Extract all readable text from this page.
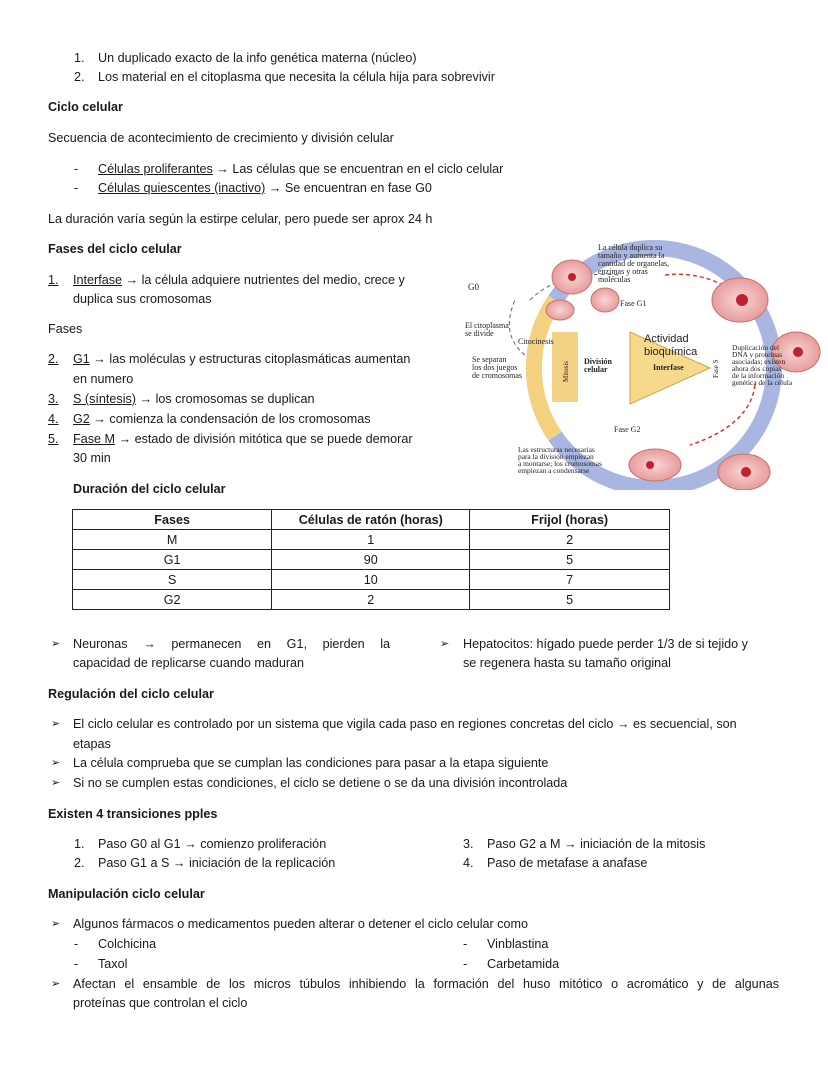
1. Un duplicado exacto de la info genética materna (núcleo)
2. Los material en el citoplasma que necesita la célula hija para sobrevivir
Ciclo celular
Secuencia de acontecimiento de crecimiento y división celular
- Células proliferantes → Las células que se encuentran en el ciclo celular
- Células quiescentes (inactivo) → Se encuentran en fase G0
La duración varía según la estirpe celular, pero puede ser aprox 24 h
Fases del ciclo celular
1. Interfase → la célula adquiere nutrientes del medio, crece y
duplica sus cromosomas
Fases
2. G1 → las moléculas y estructuras citoplasmáticas aumentan
en numero
3. S (síntesis) → los cromosomas se duplican
4. G2 → comienza la condensación de los cromosomas
5. Fase M → estado de división mitótica que se puede demorar
30 min
La célula duplica su tamaño y aumenta la cantidad de organelas, enzimas y otras moléculas
G0
Fase G1
El citoplasma se divide
Citocinesis
Se separan los dos juegos de cromosomas	Mitosis División celular
Actividad bioquímica
Interfase	Fase S
Duplicación del DNA y proteínas asociadas; existen ahora dos copias de la información genética de la célula
Fase G2
Las estructuras necesarias para la división empiezan a montarse; los cromosomas empiezan a condensarse
Duración del ciclo celular
Fases	Células de ratón (horas)	Frijol (horas)
M	1	2
G1	90	5
S	10	7
G2	2	5
➢ Neuronas → permanecen en G1, pierden la
capacidad de replicarse cuando maduran
➢ Hepatocitos: hígado puede perder 1/3 de si tejido y
se regenera hasta su tamaño original
Regulación del ciclo celular
➢ El ciclo celular es controlado por un sistema que vigila cada paso en regiones concretas del ciclo → es secuencial, son
etapas
➢ La célula comprueba que se cumplan las condiciones para pasar a la etapa siguiente
➢ Si no se cumplen estas condiciones, el ciclo se detiene o se da una división incontrolada
Existen 4 transiciones pples
1. Paso G0 al G1 → comienzo proliferación
2. Paso G1 a S → iniciación de la replicación
3. Paso G2 a M → iniciación de la mitosis
4. Paso de metafase a anafase
Manipulación ciclo celular
➢ Algunos fármacos o medicamentos pueden alterar o detener el ciclo celular como
- Colchicina	- Vinblastina
- Taxol	- Carbetamida
➢ Afectan el ensamble de los micros túbulos inhibiendo la formación del huso mitótico o acromático y de algunas
proteínas que controlan el ciclo
